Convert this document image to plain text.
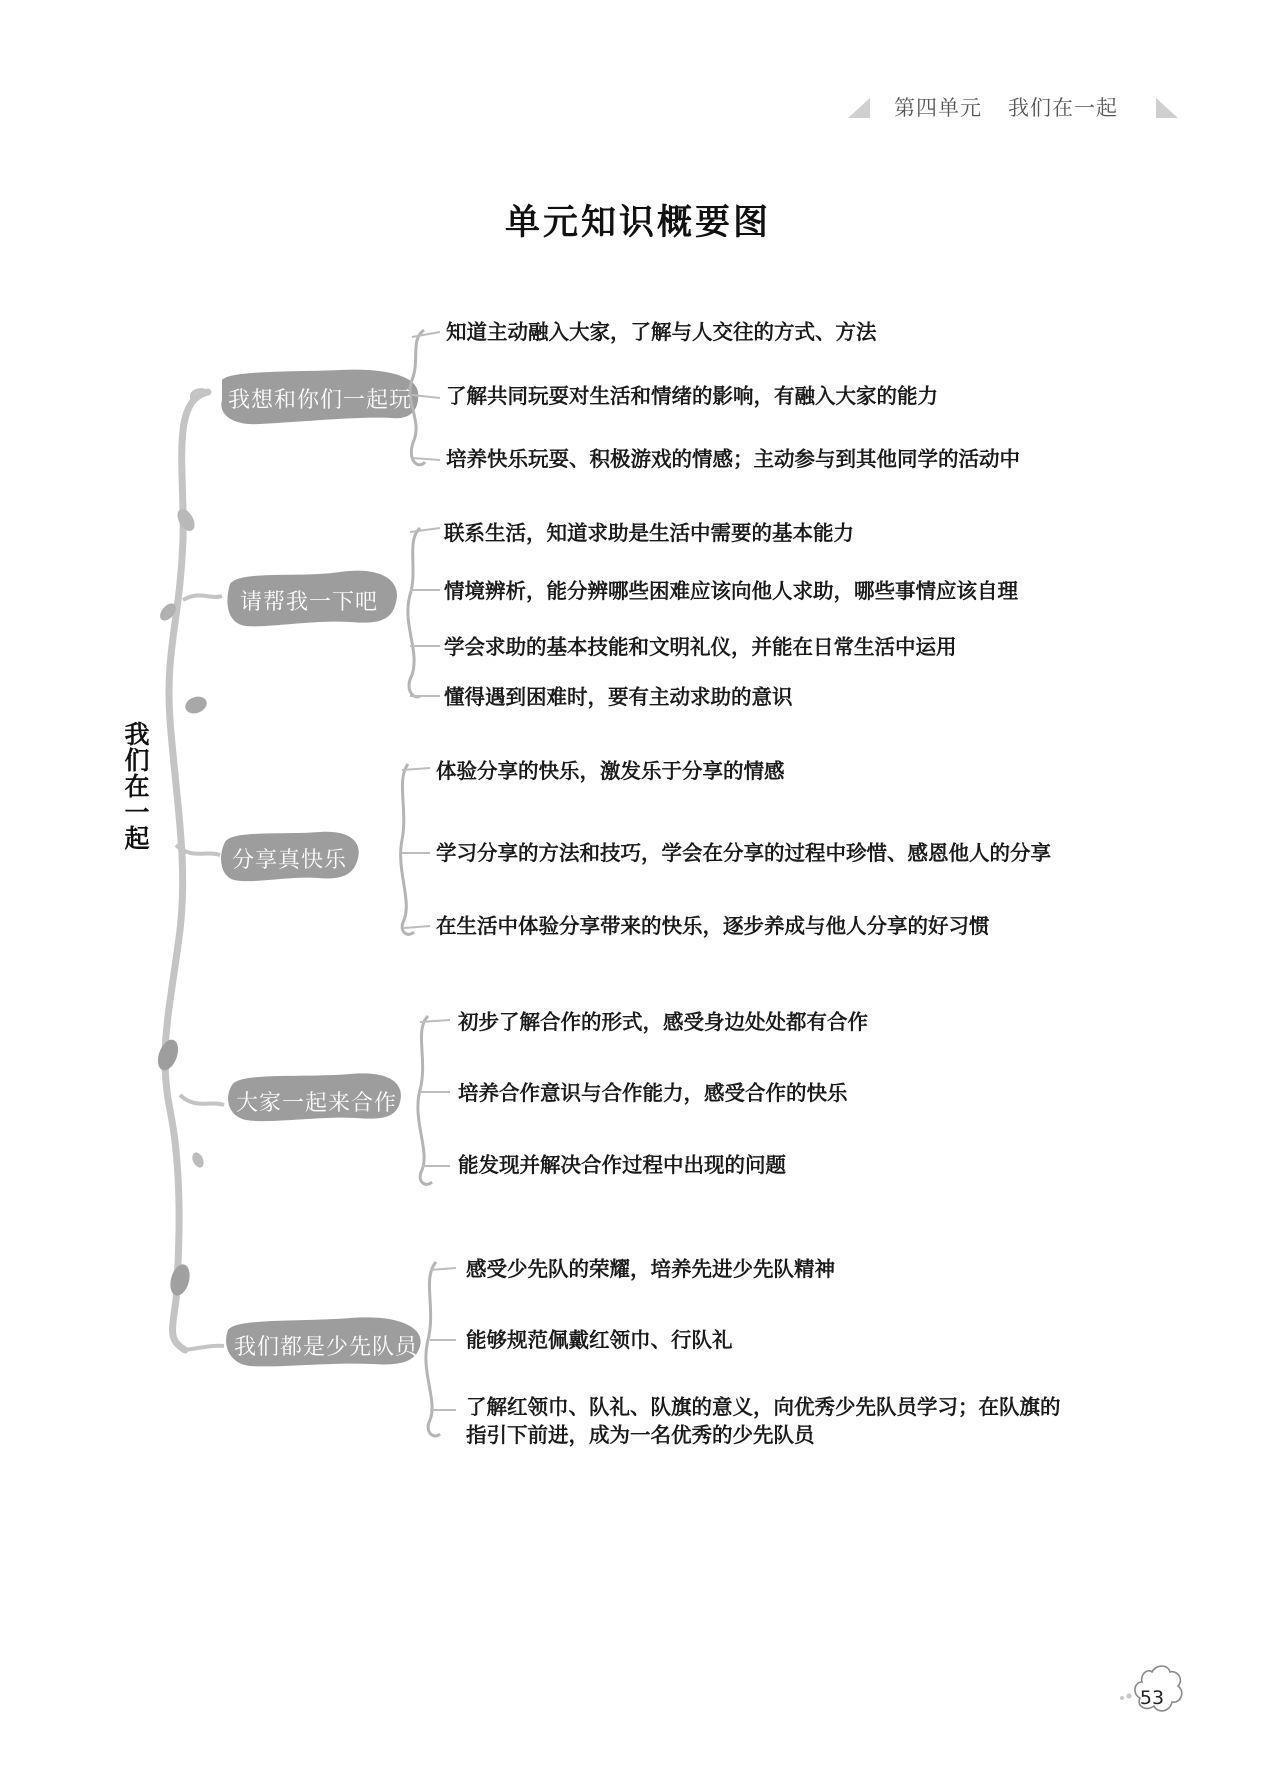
第四单元 我们在一起
单元知识概要图
我
们
在
一
起
我想和你们一起玩
请帮我一下吧
分享真快乐
大家一起来合作
我们都是少先队员
知道主动融入大家，了解与人交往的方式、方法
了解共同玩耍对生活和情绪的影响，有融入大家的能力
培养快乐玩耍、积极游戏的情感；主动参与到其他同学的活动中
联系生活，知道求助是生活中需要的基本能力
情境辨析，能分辨哪些困难应该向他人求助，哪些事情应该自理
学会求助的基本技能和文明礼仪，并能在日常生活中运用
懂得遇到困难时，要有主动求助的意识
体验分享的快乐，激发乐于分享的情感
学习分享的方法和技巧，学会在分享的过程中珍惜、感恩他人的分享
在生活中体验分享带来的快乐，逐步养成与他人分享的好习惯
初步了解合作的形式，感受身边处处都有合作
培养合作意识与合作能力，感受合作的快乐
能发现并解决合作过程中出现的问题
感受少先队的荣耀，培养先进少先队精神
能够规范佩戴红领巾、行队礼
了解红领巾、队礼、队旗的意义，向优秀少先队员学习；在队旗的指引下前进，成为一名优秀的少先队员
53
